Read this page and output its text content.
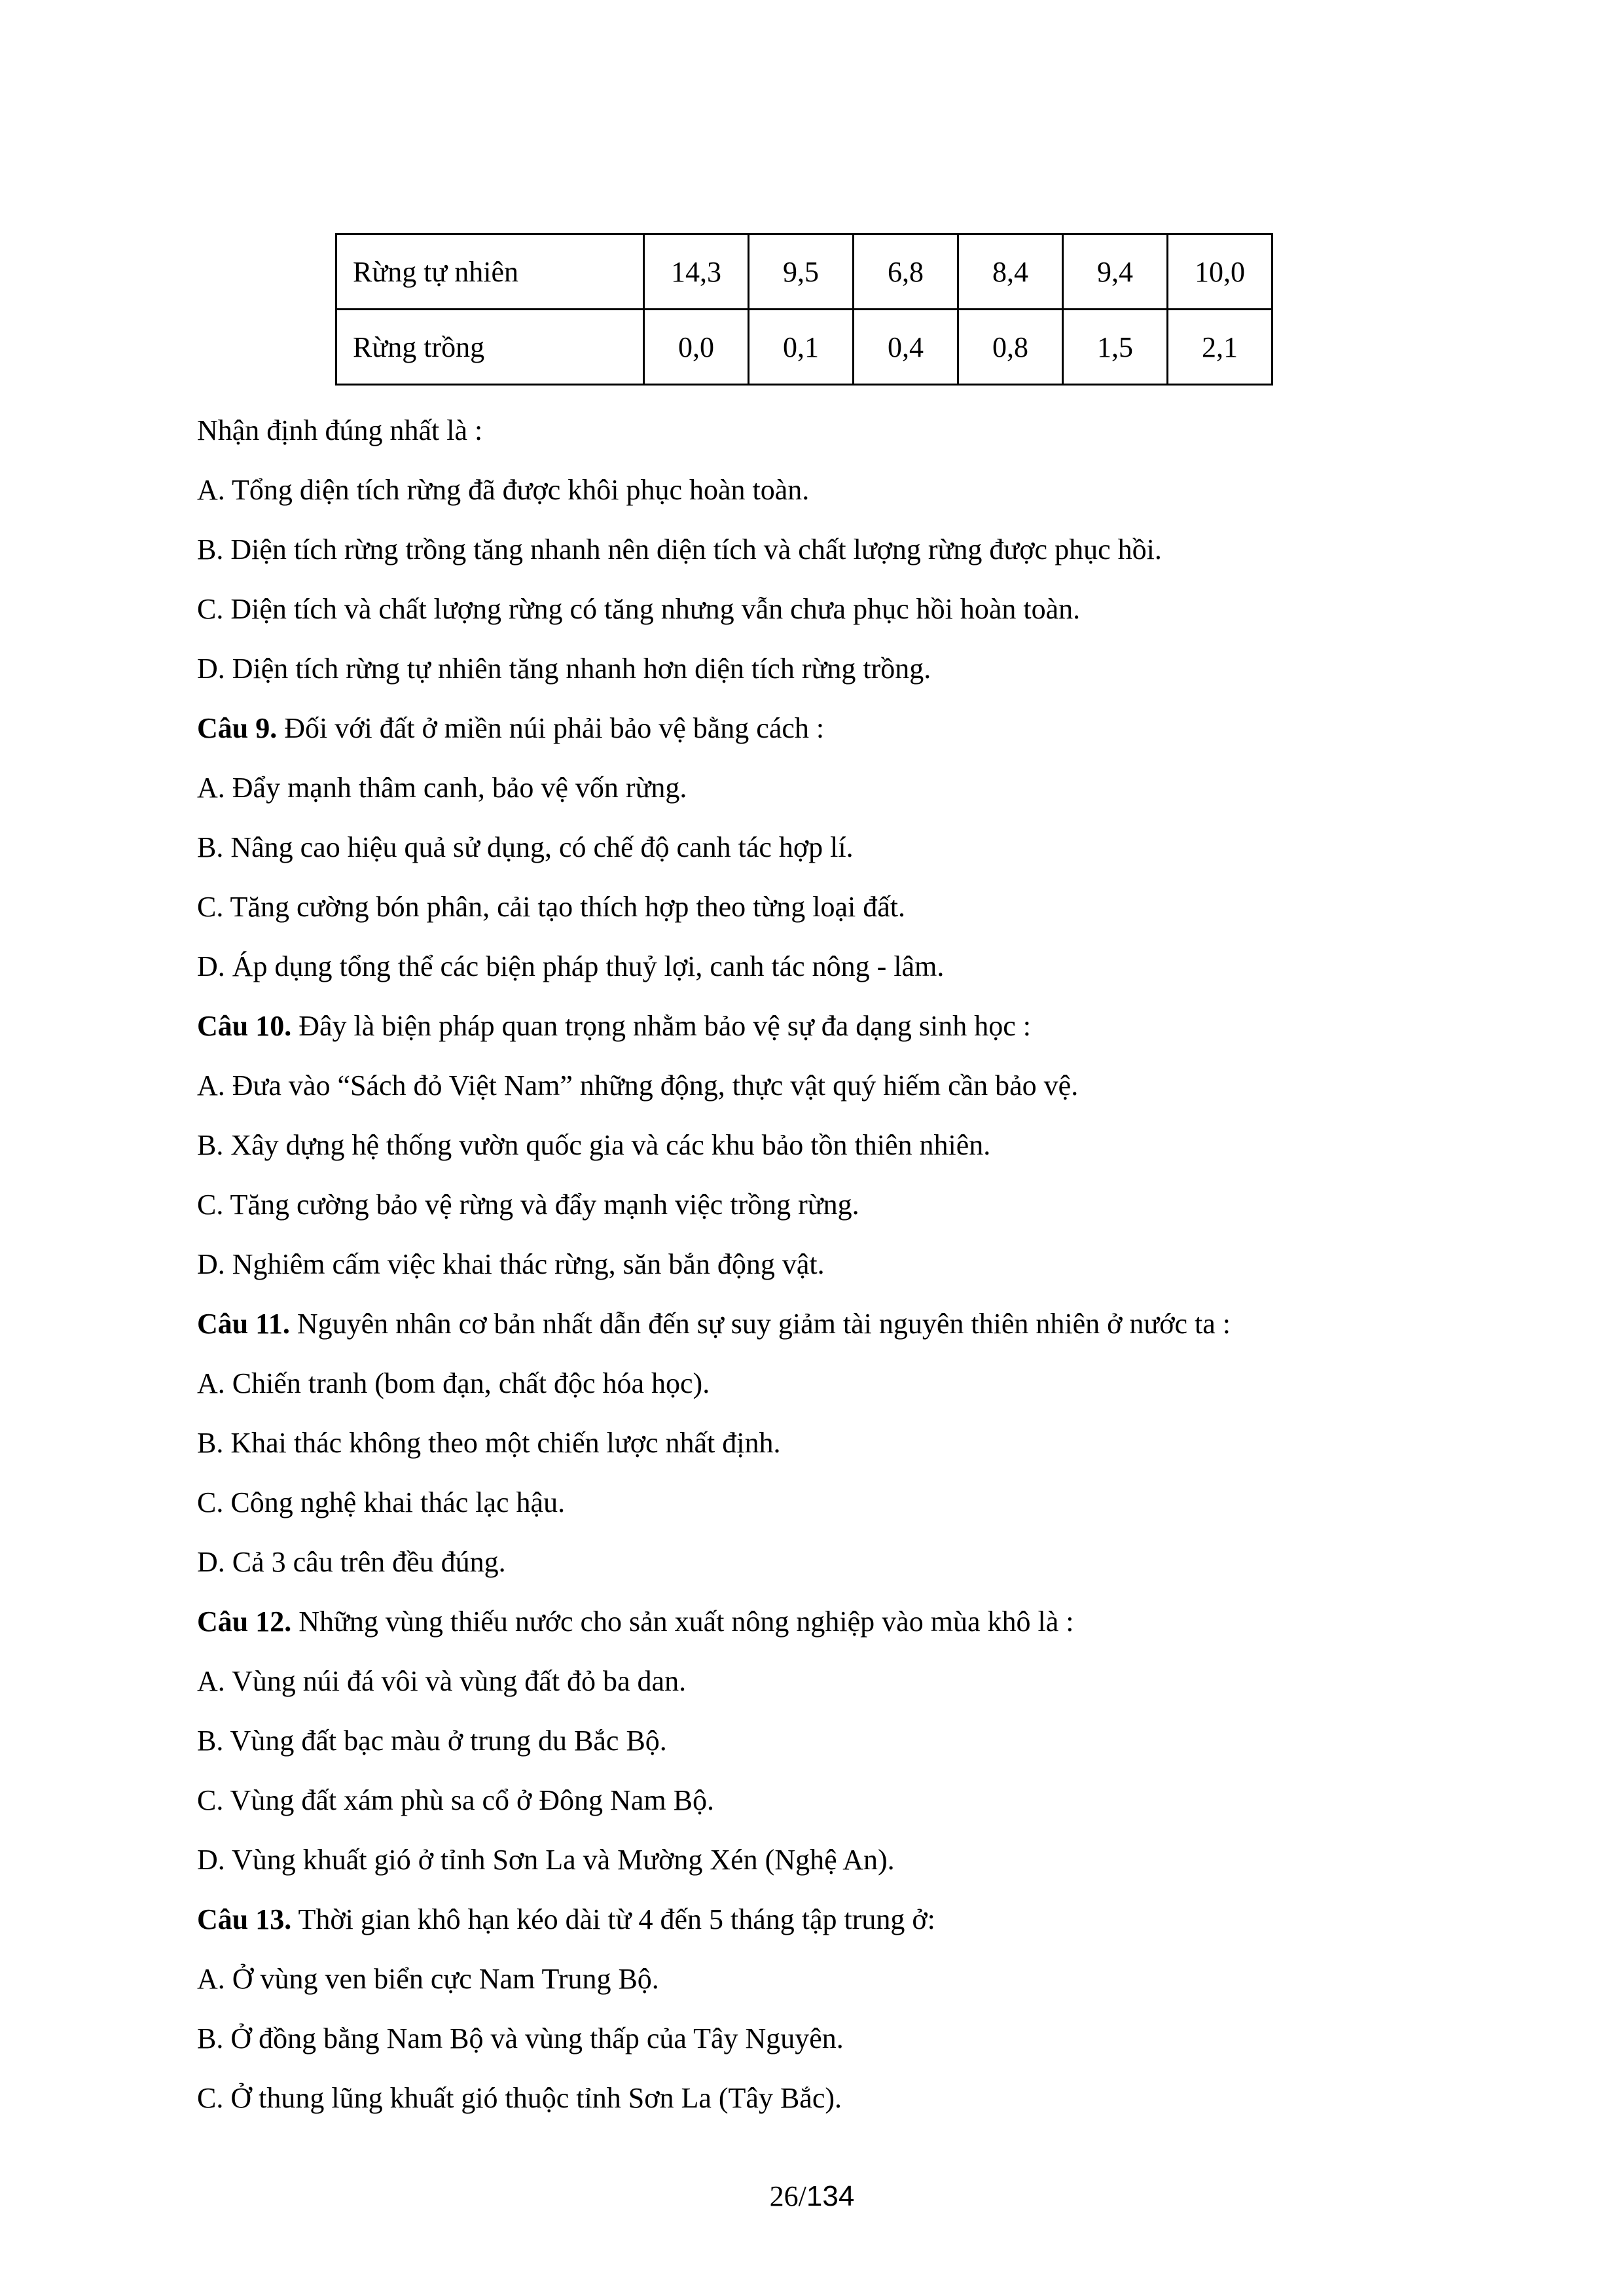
Rừng tự nhiên	14,3	9,5	6,8	8,4	9,4	10,0
Rừng trồng	0,0	0,1	0,4	0,8	1,5	2,1
Nhận định đúng nhất là :
A. Tổng diện tích rừng đã được khôi phục hoàn toàn.
B. Diện tích rừng trồng tăng nhanh nên diện tích và chất lượng rừng được phục hồi.
C. Diện tích và chất lượng rừng có tăng nhưng vẫn chưa phục hồi hoàn toàn.
D. Diện tích rừng tự nhiên tăng nhanh hơn diện tích rừng trồng.
Câu 9. Đối với đất ở miền núi phải bảo vệ bằng cách :
A. Đẩy mạnh thâm canh, bảo vệ vốn rừng.
B. Nâng cao hiệu quả sử dụng, có chế độ canh tác hợp lí.
C. Tăng cường bón phân, cải tạo thích hợp theo từng loại đất.
D. Áp dụng tổng thể các biện pháp thuỷ lợi, canh tác nông - lâm.
Câu 10. Đây là biện pháp quan trọng nhằm bảo vệ sự đa dạng sinh học :
A. Đưa vào “Sách đỏ Việt Nam” những động, thực vật quý hiếm cần bảo vệ.
B. Xây dựng hệ thống vườn quốc gia và các khu bảo tồn thiên nhiên.
C. Tăng cường bảo vệ rừng và đẩy mạnh việc trồng rừng.
D. Nghiêm cấm việc khai thác rừng, săn bắn động vật.
Câu 11. Nguyên nhân cơ bản nhất dẫn đến sự suy giảm tài nguyên thiên nhiên ở nước ta :
A. Chiến tranh (bom đạn, chất độc hóa học).
B. Khai thác không theo một chiến lược nhất định.
C. Công nghệ khai thác lạc hậu.
D. Cả 3 câu trên đều đúng.
Câu 12. Những vùng thiếu nước cho sản xuất nông nghiệp vào mùa khô là :
A. Vùng núi đá vôi và vùng đất đỏ ba dan.
B. Vùng đất bạc màu ở trung du Bắc Bộ.
C. Vùng đất xám phù sa cổ ở Đông Nam Bộ.
D. Vùng khuất gió ở tỉnh Sơn La và Mường Xén (Nghệ An).
Câu 13. Thời gian khô hạn kéo dài từ 4 đến 5 tháng tập trung ở:
A. Ở vùng ven biển cực Nam Trung Bộ.
B. Ở đồng bằng Nam Bộ và vùng thấp của Tây Nguyên.
C. Ở thung lũng khuất gió thuộc tỉnh Sơn La (Tây Bắc).
26/134
